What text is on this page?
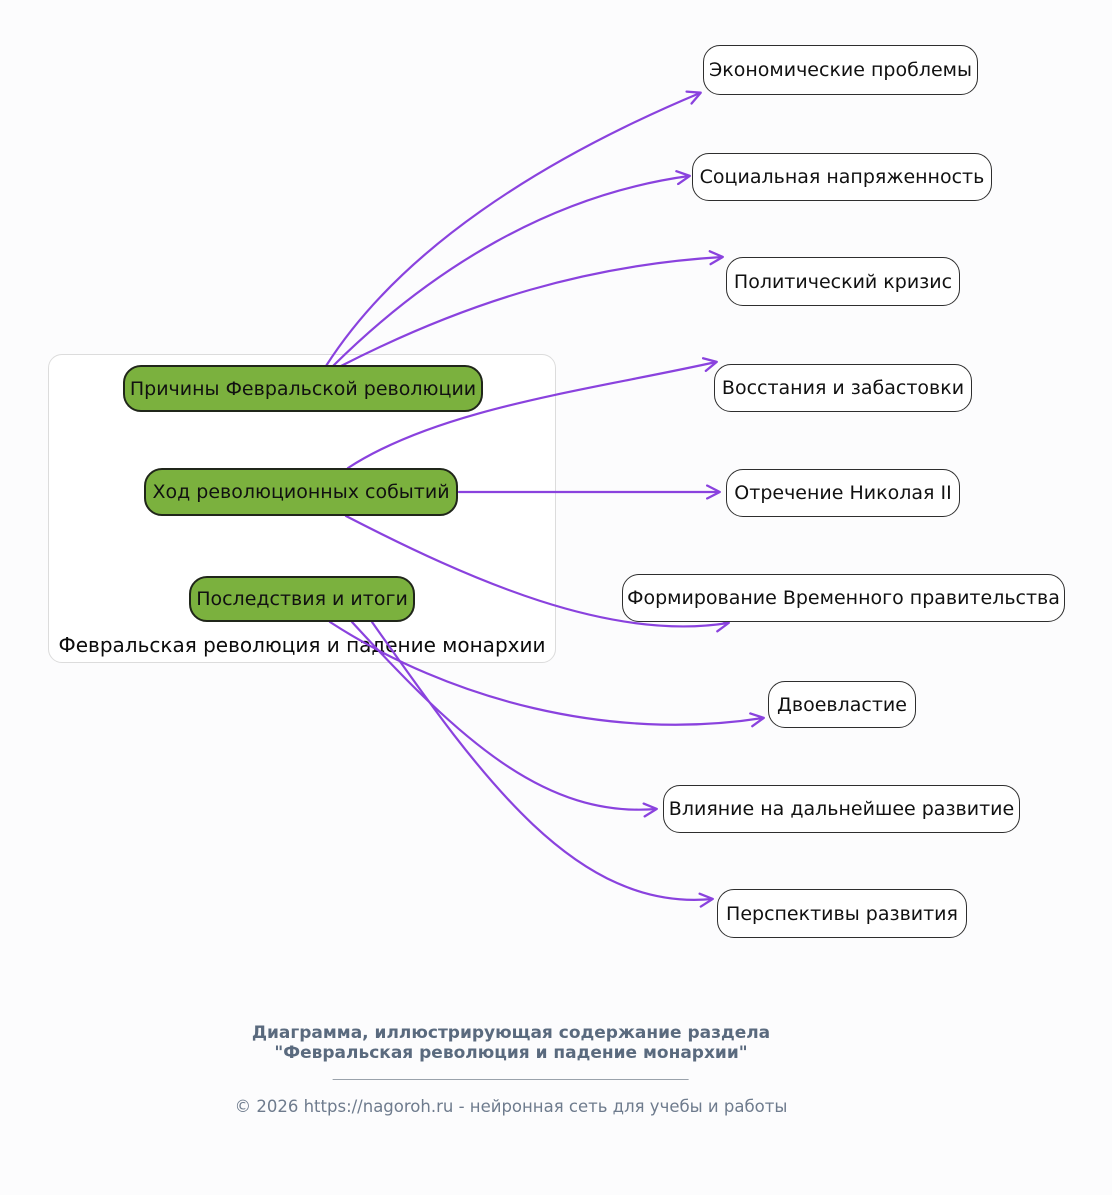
Февральская революция и падение монархии
Причины Февральской революции
Ход революционных событий
Последствия и итоги
Экономические проблемы
Социальная напряженность
Политический кризис
Восстания и забастовки
Отречение Николая II
Формирование Временного правительства
Двоевластие
Влияние на дальнейшее развитие
Перспективы развития
Диаграмма, иллюстрирующая содержание раздела
"Февральская революция и падение монархии"
© 2026 https://nagoroh.ru - нейронная сеть для учебы и работы
